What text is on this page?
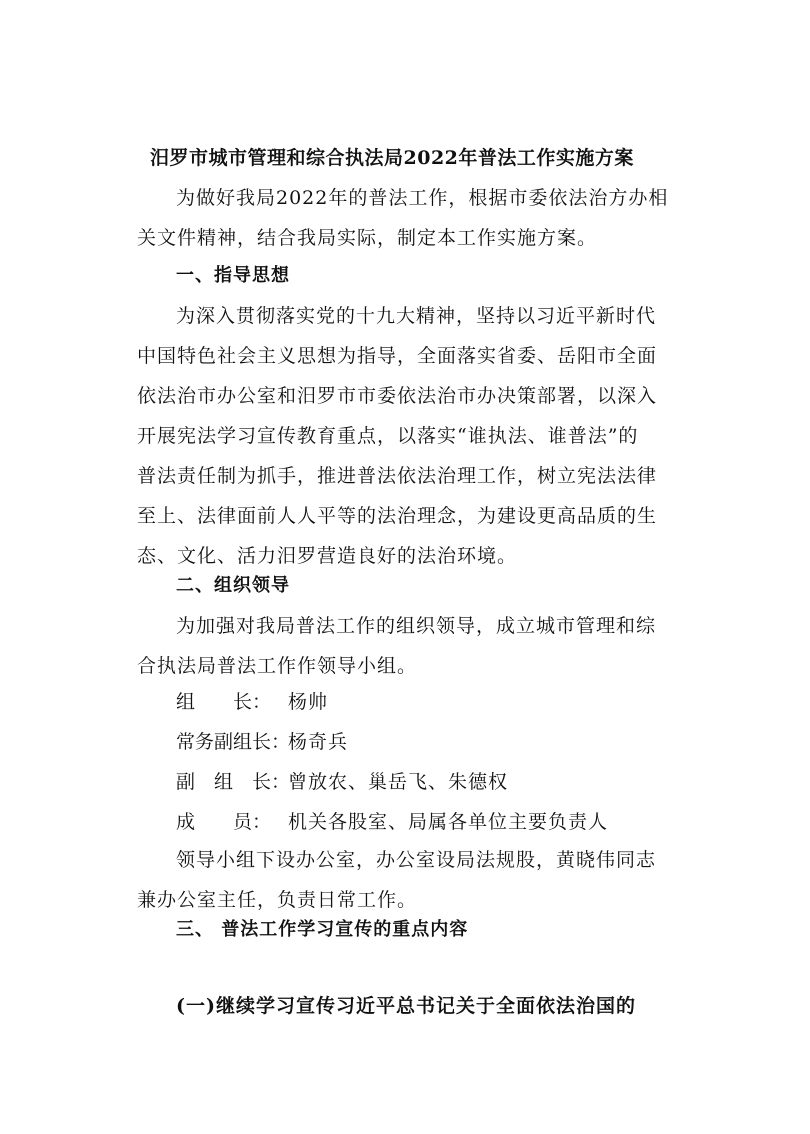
汨罗市城市管理和综合执法局2022年普法工作实施方案
为做好我局2022年的普法工作，根据市委依法治方办相
关文件精神，结合我局实际，制定本工作实施方案。
一、指导思想
为深入贯彻落实党的十九大精神，坚持以习近平新时代
中国特色社会主义思想为指导，全面落实省委、岳阳市全面
依法治市办公室和汨罗市市委依法治市办决策部署，以深入
开展宪法学习宣传教育重点，以落实“谁执法、谁普法”的
普法责任制为抓手，推进普法依法治理工作，树立宪法法律
至上、法律面前人人平等的法治理念，为建设更高品质的生
态、文化、活力汨罗营造良好的法治环境。
二、组织领导
为加强对我局普法工作的组织领导，成立城市管理和综
合执法局普法工作作领导小组。
组　　长： 杨帅
常务副组长：杨奇兵
副　组　长：曾放农、巢岳飞、朱德权
成　　员： 机关各股室、局属各单位主要负责人
领导小组下设办公室，办公室设局法规股，黄晓伟同志
兼办公室主任，负责日常工作。
三、 普法工作学习宣传的重点内容
(一)继续学习宣传习近平总书记关于全面依法治国的
